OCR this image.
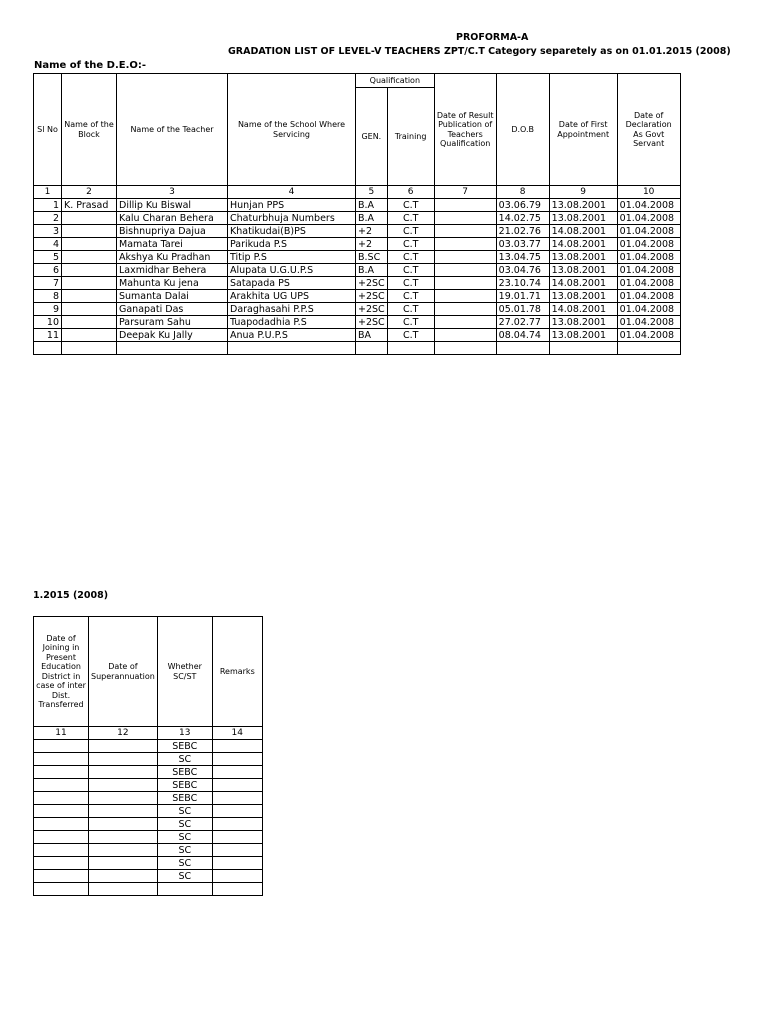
PROFORMA-A
GRADATION LIST OF LEVEL-V TEACHERS ZPT/C.T Category separetely as on 01.01.2015 (2008)
Name of the D.E.O:-
Sl No	Name of the Block	Name of the Teacher	Name of the School Where Servicing	Qualification		Date of Result Publication of Teachers Qualification	D.O.B	Date of First Appointment	Date of Declaration As Govt Servant
				GEN.	Training				
1	2	3	4	5	6	7	8	9	10
1	K. Prasad	Dillip Ku Biswal	Hunjan PPS	B.A	C.T		03.06.79	13.08.2001	01.04.2008
2		Kalu Charan Behera	Chaturbhuja Numbers	B.A	C.T		14.02.75	13.08.2001	01.04.2008
3		Bishnupriya Dajua	Khatikudai(B)PS	+2	C.T		21.02.76	14.08.2001	01.04.2008
4		Mamata Tarei	Parikuda P.S	+2	C.T		03.03.77	14.08.2001	01.04.2008
5		Akshya Ku Pradhan	Titip P.S	B.SC	C.T		13.04.75	13.08.2001	01.04.2008
6		Laxmidhar Behera	Alupata U.G.U.P.S	B.A	C.T		03.04.76	13.08.2001	01.04.2008
7		Mahunta Ku jena	Satapada PS	+2SC	C.T		23.10.74	14.08.2001	01.04.2008
8		Sumanta Dalai	Arakhita UG UPS	+2SC	C.T		19.01.71	13.08.2001	01.04.2008
9		Ganapati Das	Daraghasahi P.P.S	+2SC	C.T		05.01.78	14.08.2001	01.04.2008
10		Parsuram Sahu	Tuapodadhia P.S	+2SC	C.T		27.02.77	13.08.2001	01.04.2008
11		Deepak Ku Jally	Anua P.U.P.S	BA	C.T		08.04.74	13.08.2001	01.04.2008

1.2015 (2008)
Date of Joining in Present Education District in case of inter Dist. Transferred	Date of Superannuation	Whether SC/ST	Remarks
11	12	13	14
		SEBC	
		SC	
		SEBC	
		SEBC	
		SEBC	
		SC	
		SC	
		SC	
		SC	
		SC	
		SC	
